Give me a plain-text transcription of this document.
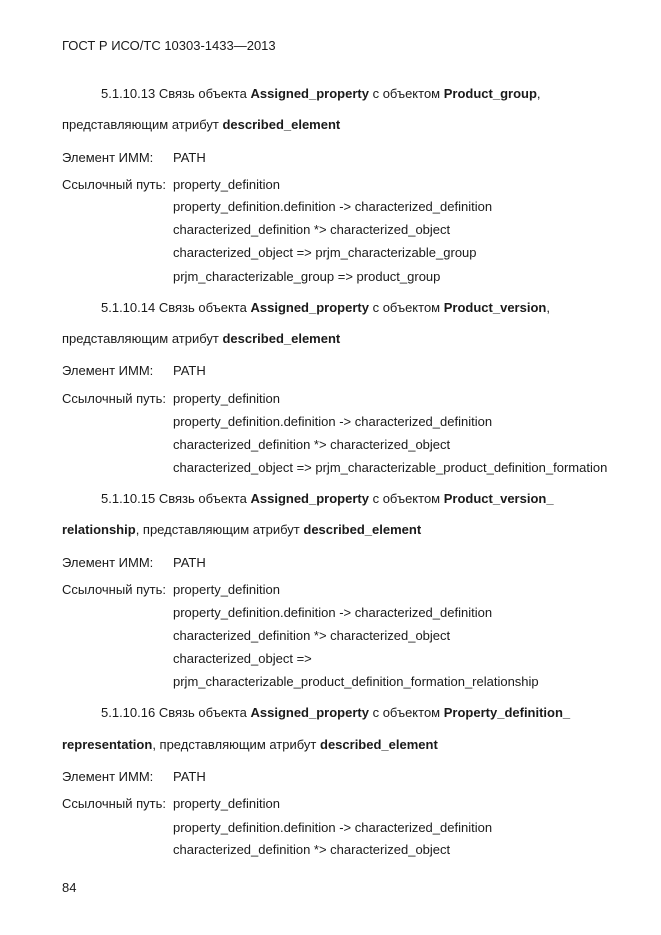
ГОСТ Р ИСО/ТС 10303-1433—2013
5.1.10.13 Связь объекта Assigned_property с объектом Product_group,
представляющим атрибут described_element
Элемент ИММ: PATH
Ссылочный путь: property_definition
property_definition.definition -> characterized_definition
characterized_definition *> characterized_object
characterized_object => prjm_characterizable_group
prjm_characterizable_group => product_group
5.1.10.14 Связь объекта Assigned_property с объектом Product_version,
представляющим атрибут described_element
Элемент ИММ: PATH
Ссылочный путь: property_definition
property_definition.definition -> characterized_definition
characterized_definition *> characterized_object
characterized_object => prjm_characterizable_product_definition_formation
5.1.10.15 Связь объекта Assigned_property с объектом Product_version_
relationship, представляющим атрибут described_element
Элемент ИММ: PATH
Ссылочный путь: property_definition
property_definition.definition -> characterized_definition
characterized_definition *> characterized_object
characterized_object =>
prjm_characterizable_product_definition_formation_relationship
5.1.10.16 Связь объекта Assigned_property с объектом Property_definition_
representation, представляющим атрибут described_element
Элемент ИММ: PATH
Ссылочный путь: property_definition
property_definition.definition -> characterized_definition
characterized_definition *> characterized_object
84
